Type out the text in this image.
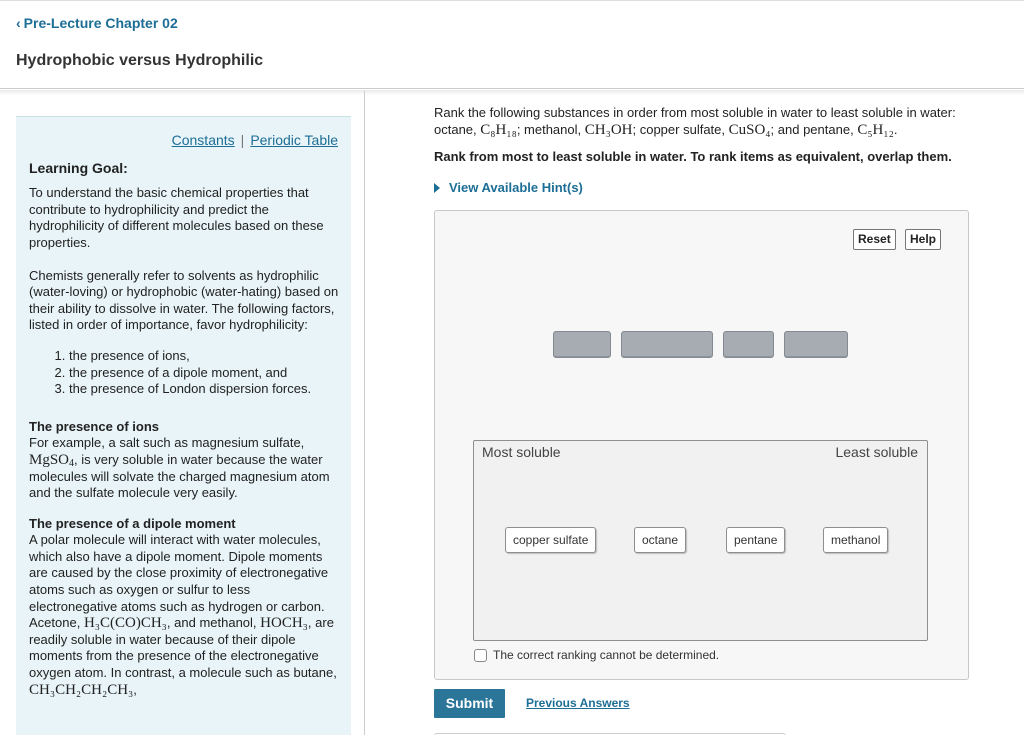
‹ Pre-Lecture Chapter 02
Hydrophobic versus Hydrophilic
Constants | Periodic Table
Learning Goal:
To understand the basic chemical properties that contribute to hydrophilicity and predict the hydrophilicity of different molecules based on these properties.
Chemists generally refer to solvents as hydrophilic (water-loving) or hydrophobic (water-hating) based on their ability to dissolve in water. The following factors, listed in order of importance, favor hydrophilicity:
1. the presence of ions,
2. the presence of a dipole moment, and
3. the presence of London dispersion forces.
The presence of ions
For example, a salt such as magnesium sulfate, MgSO$_4$, is very soluble in water because the water molecules will solvate the charged magnesium atom and the sulfate molecule very easily.
The presence of a dipole moment
A polar molecule will interact with water molecules, which also have a dipole moment. Dipole moments are caused by the close proximity of electronegative atoms such as oxygen or sulfur to less electronegative atoms such as hydrogen or carbon. Acetone, H₃C(CO)CH₃, and methanol, HOCH₃, are readily soluble in water because of their dipole moments from the presence of the electronegative oxygen atom. In contrast, a molecule such as butane, CH₃CH₂CH₂CH₃,
Rank the following substances in order from most soluble in water to least soluble in water: octane, C₈H₁₈; methanol, CH₃OH; copper sulfate, CuSO₄; and pentane, C₅H₁₂.
Rank from most to least soluble in water. To rank items as equivalent, overlap them.
View Available Hint(s)
Reset	Help
Most soluble	Least soluble
copper sulfate	octane	pentane	methanol
The correct ranking cannot be determined.
Submit	Previous Answers
